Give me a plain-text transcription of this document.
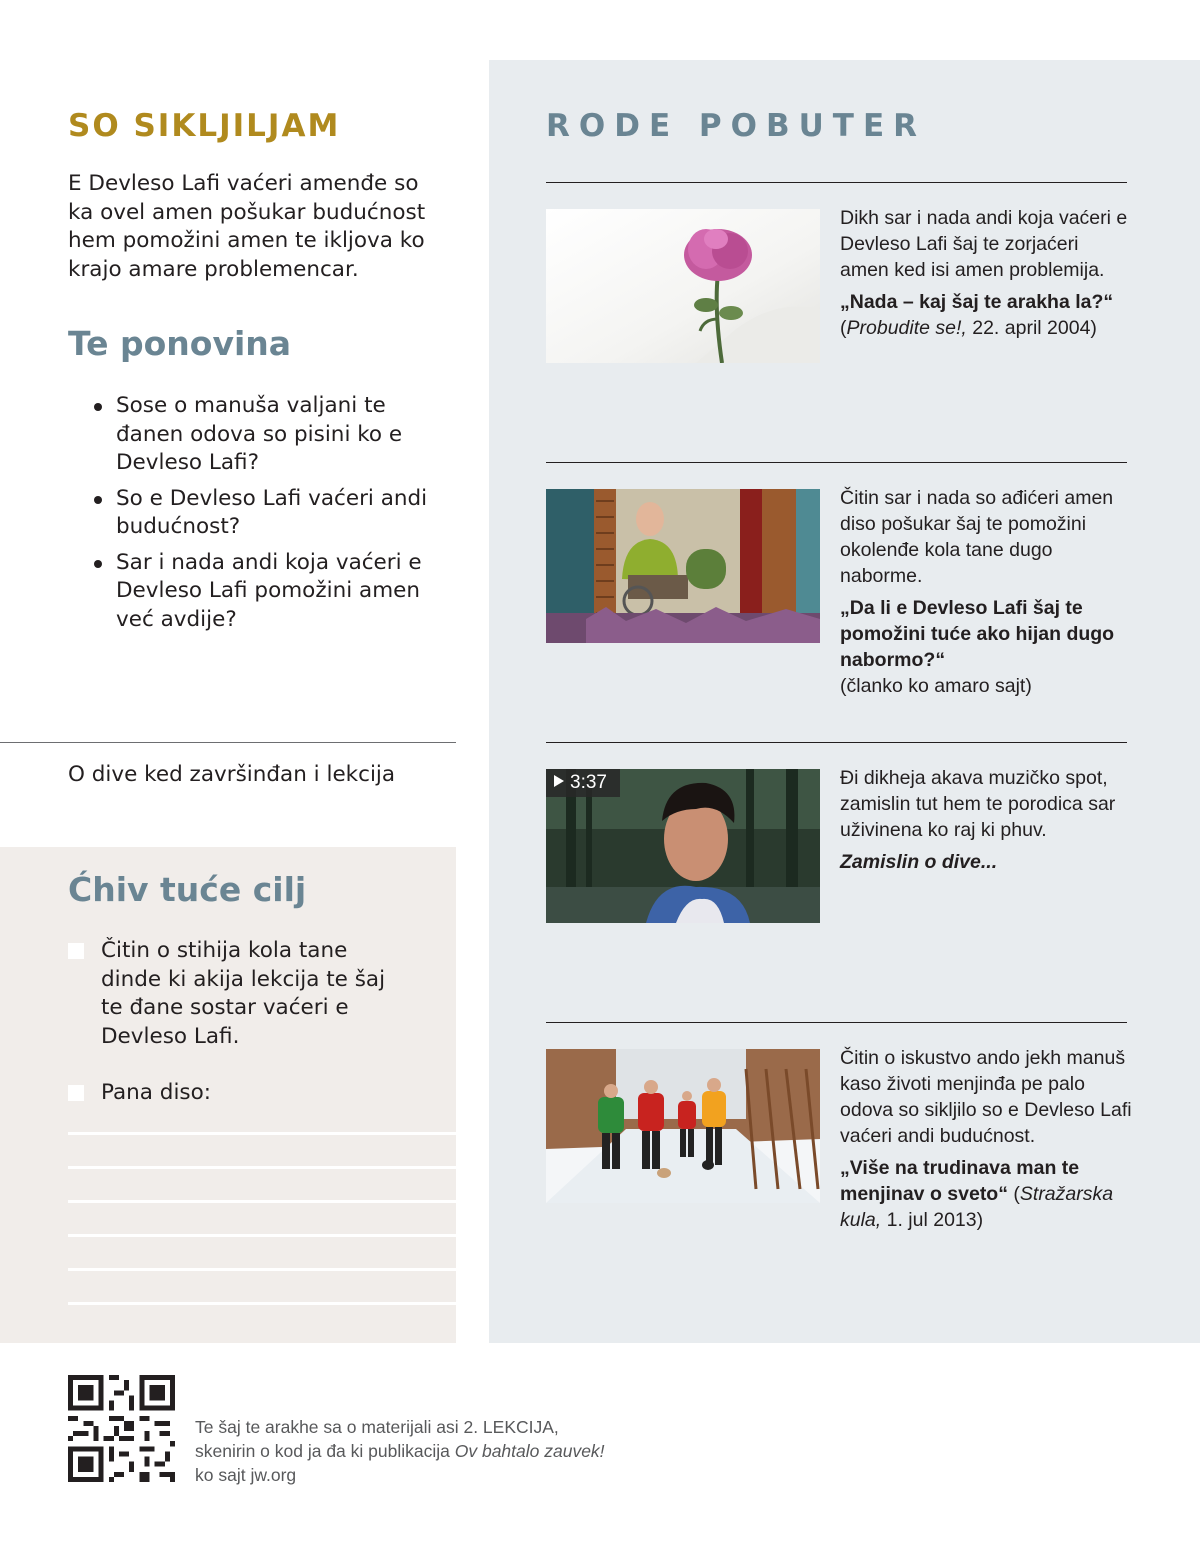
SO SIKLJILJAM

E Devleso Lafi vaćeri amenđe so ka ovel amen pošukar budućnost hem pomožini amen te ikljova ko krajo amare problemencar.

Te ponovina
Sose o manuša valjani te đanen odova so pisini ko e Devleso Lafi?
So e Devleso Lafi vaćeri andi budućnost?
Sar i nada andi koja vaćeri e Devleso Lafi pomožini amen već avdije?
O dive ked završinđan i lekcija
Ćhiv tuće cilj
Čitin o stihija kola tane dinde ki akija lekcija te šaj te đane sostar vaćeri e Devleso Lafi.
Pana diso:
RODE POBUTER
Dikh sar i nada andi koja vaćeri e Devleso Lafi šaj te zorjaćeri amen ked isi amen problemija.
„Nada – kaj šaj te arakha la?“ (Probudite se!, 22. april 2004)
Čitin sar i nada so ađićeri amen diso pošukar šaj te pomožini okolenđe kola tane dugo naborme.
„Da li e Devleso Lafi šaj te pomožini tuće ako hijan dugo nabormo?“
(članko ko amaro sajt)
3:37	Đi dikheja akava muzičko spot, zamislin tut hem te porodica sar uživinena ko raj ki phuv.
Zamislin o dive...
Čitin o iskustvo ando jekh manuš kaso životi menjinđa pe palo odova so sikljilo so e Devleso Lafi vaćeri andi budućnost.
„Više na trudinava man te menjinav o sveto“ (Stražarska kula, 1. jul 2013)
Te šaj te arakhe sa o materijali asi 2. LEKCIJA,
skenirin o kod ja đa ki publikacija Ov bahtalo zauvek!
ko sajt jw.org
